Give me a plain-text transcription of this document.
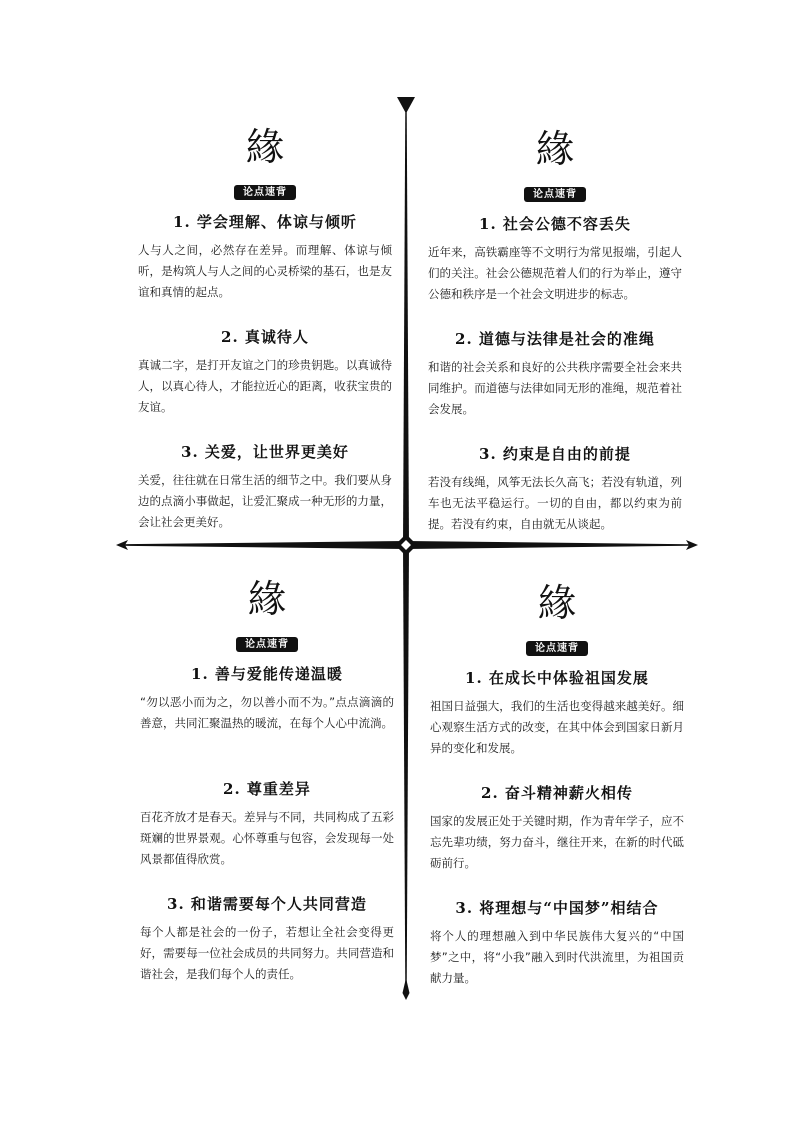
緣
论点速背
1. 学会理解、体谅与倾听
人与人之间，必然存在差异。而理解、体谅与倾听，是构筑人与人之间的心灵桥梁的基石，也是友谊和真情的起点。
2. 真诚待人
真诚二字，是打开友谊之门的珍贵钥匙。以真诚待人，以真心待人，才能拉近心的距离，收获宝贵的友谊。
3. 关爱，让世界更美好
关爱，往往就在日常生活的细节之中。我们要从身边的点滴小事做起，让爱汇聚成一种无形的力量，会让社会更美好。
緣
论点速背
1. 社会公德不容丢失
近年来，高铁霸座等不文明行为常见报端，引起人们的关注。社会公德规范着人们的行为举止，遵守公德和秩序是一个社会文明进步的标志。
2. 道德与法律是社会的准绳
和谐的社会关系和良好的公共秩序需要全社会来共同维护。而道德与法律如同无形的准绳，规范着社会发展。
3. 约束是自由的前提
若没有线绳，风筝无法长久高飞；若没有轨道，列车也无法平稳运行。一切的自由，都以约束为前提。若没有约束，自由就无从谈起。
緣
论点速背
1. 善与爱能传递温暖
“勿以恶小而为之，勿以善小而不为。”点点滴滴的善意，共同汇聚温热的暖流，在每个人心中流淌。
2. 尊重差异
百花齐放才是春天。差异与不同，共同构成了五彩斑斓的世界景观。心怀尊重与包容，会发现每一处风景都值得欣赏。
3. 和谐需要每个人共同营造
每个人都是社会的一份子，若想让全社会变得更好，需要每一位社会成员的共同努力。共同营造和谐社会，是我们每个人的责任。
緣
论点速背
1. 在成长中体验祖国发展
祖国日益强大，我们的生活也变得越来越美好。细心观察生活方式的改变，在其中体会到国家日新月异的变化和发展。
2. 奋斗精神薪火相传
国家的发展正处于关键时期，作为青年学子，应不忘先辈功绩，努力奋斗，继往开来，在新的时代砥砺前行。
3. 将理想与“中国梦”相结合
将个人的理想融入到中华民族伟大复兴的“中国梦”之中，将“小我”融入到时代洪流里，为祖国贡献力量。
